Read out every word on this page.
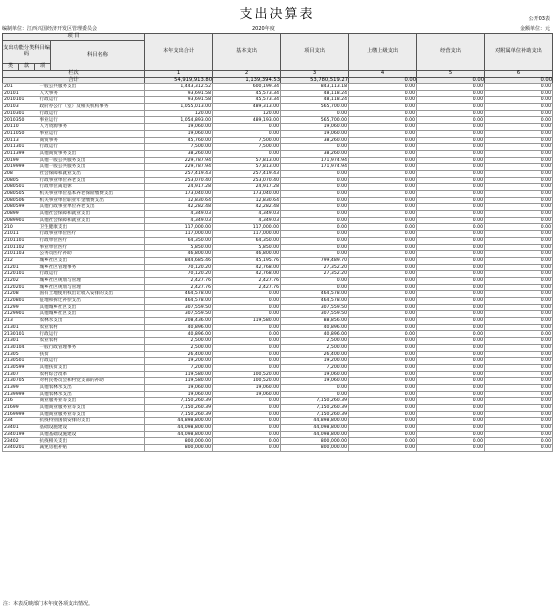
支出决算表	公开03表
编制单位：江西兴国经济开发区管理委员会	2020年度	金额单位：元
项 目				本年支出合计	基本支出	项目支出	上缴上级支出	经营支出	对附属单位补助支出
支出功能分类科目编码			科目名称						
类	款	项							
栏次				1	2	3	4	5	6
合计				54,919,913.80	1,139,394.53	53,780,519.27	0.00	0.00	0.00
201	一般公共服务支出	1,443,312.52	600,199.34	843,113.18	0.00	0.00	0.00
20101	人大事务	93,691.58	45,573.34	48,118.24	0.00	0.00	0.00
2010101	行政运行	93,691.58	45,573.34	48,118.24	0.00	0.00	0.00
20103	政府办公厅（室）及相关机构事务	1,055,013.00	489,313.00	565,700.00	0.00	0.00	0.00
2010301	行政运行	120.00	120.00	0.00	0.00	0.00	0.00
2010350	事业运行	1,054,893.00	489,193.00	565,700.00	0.00	0.00	0.00
20110	人力资源事务	19,060.00	0.00	19,060.00	0.00	0.00	0.00
2011050	事业运行	19,060.00	0.00	19,060.00	0.00	0.00	0.00
20113	商贸事务	45,760.00	7,500.00	38,260.00	0.00	0.00	0.00
2011301	行政运行	7,500.00	7,500.00	0.00	0.00	0.00	0.00
2011399	其他商贸事务支出	38,260.00	0.00	38,260.00	0.00	0.00	0.00
20199	其他一般公共服务支出	229,787.94	57,813.00	171,974.94	0.00	0.00	0.00
2019999	其他一般公共服务支出	229,787.94	57,813.00	171,974.94	0.00	0.00	0.00
208	社会保障和就业支出	257,419.43	257,419.43	0.00	0.00	0.00	0.00
20805	行政事业单位养老支出	253,070.40	253,070.40	0.00	0.00	0.00	0.00
2080501	行政单位离退休	24,917.28	24,917.28	0.00	0.00	0.00	0.00
2080505	机关事业单位基本养老保险缴费支出	173,040.00	173,040.00	0.00	0.00	0.00	0.00
2080506	机关事业单位职业年金缴费支出	12,830.64	12,830.64	0.00	0.00	0.00	0.00
2080599	其他行政事业单位养老支出	42,282.48	42,282.48	0.00	0.00	0.00	0.00
20899	其他社会保障和就业支出	4,349.03	4,349.03	0.00	0.00	0.00	0.00
2089901	其他社会保障和就业支出	4,349.03	4,349.03	0.00	0.00	0.00	0.00
210	卫生健康支出	117,000.00	117,000.00	0.00	0.00	0.00	0.00
21011	行政事业单位医疗	117,000.00	117,000.00	0.00	0.00	0.00	0.00
2101101	行政单位医疗	64,350.00	64,350.00	0.00	0.00	0.00	0.00
2101102	事业单位医疗	5,850.00	5,850.00	0.00	0.00	0.00	0.00
2101103	公务员医疗补助	46,800.00	46,800.00	0.00	0.00	0.00	0.00
212	城乡社区支出	844,685.46	45,195.76	799,489.70	0.00	0.00	0.00
21201	城乡社区管理事务	70,120.20	42,768.00	27,352.20	0.00	0.00	0.00
2120101	行政运行	70,120.20	42,768.00	27,352.20	0.00	0.00	0.00
21202	城乡社区规划与管理	2,427.76	2,427.76	0.00	0.00	0.00	0.00
2120201	城乡社区规划与管理	2,427.76	2,427.76	0.00	0.00	0.00	0.00
21208	国有土地使用权出让收入安排的支出	464,578.00	0.00	464,578.00	0.00	0.00	0.00
2120801	征地和拆迁补偿支出	464,578.00	0.00	464,578.00	0.00	0.00	0.00
21299	其他城乡社区支出	307,559.50	0.00	307,559.50	0.00	0.00	0.00
2129901	其他城乡社区支出	307,559.50	0.00	307,559.50	0.00	0.00	0.00
213	农林水支出	208,436.00	119,580.00	88,856.00	0.00	0.00	0.00
21301	农业农村	40,896.00	0.00	40,896.00	0.00	0.00	0.00
2130101	行政运行	40,896.00	0.00	40,896.00	0.00	0.00	0.00
21301	农业农村	2,500.00	0.00	2,500.00	0.00	0.00	0.00
2130104	一般行政管理事务	2,500.00	0.00	2,500.00	0.00	0.00	0.00
21305	扶贫	26,400.00	0.00	26,400.00	0.00	0.00	0.00
2130501	行政运行	19,200.00	0.00	19,200.00	0.00	0.00	0.00
2130599	其他扶贫支出	7,200.00	0.00	7,200.00	0.00	0.00	0.00
21307	农村综合改革	119,580.00	100,520.00	19,060.00	0.00	0.00	0.00
2130705	对村民委员会和村党支部的补助	119,580.00	100,520.00	19,060.00	0.00	0.00	0.00
21399	其他农林水支出	19,060.00	19,060.00	0.00	0.00	0.00	0.00
2139999	其他农林水支出	19,060.00	19,060.00	0.00	0.00	0.00	0.00
216	商业服务业等支出	7,150,260.39	0.00	7,150,260.39	0.00	0.00	0.00
21699	其他商业服务业等支出	7,150,260.39	0.00	7,150,260.39	0.00	0.00	0.00
2169999	其他商业服务业等支出	7,150,260.39	0.00	7,150,260.39	0.00	0.00	0.00
234	抗疫特别国债安排的支出	44,898,800.00	0.00	44,898,800.00	0.00	0.00	0.00
23401	基础设施建设	44,098,800.00	0.00	44,098,800.00	0.00	0.00	0.00
2340199	其他基础设施建设	44,098,800.00	0.00	44,098,800.00	0.00	0.00	0.00
23402	抗疫相关支出	800,000.00	0.00	800,000.00	0.00	0.00	0.00
2340201	减免房租补贴	800,000.00	0.00	800,000.00	0.00	0.00	0.00
注：本表反映部门本年度各项支出情况。
